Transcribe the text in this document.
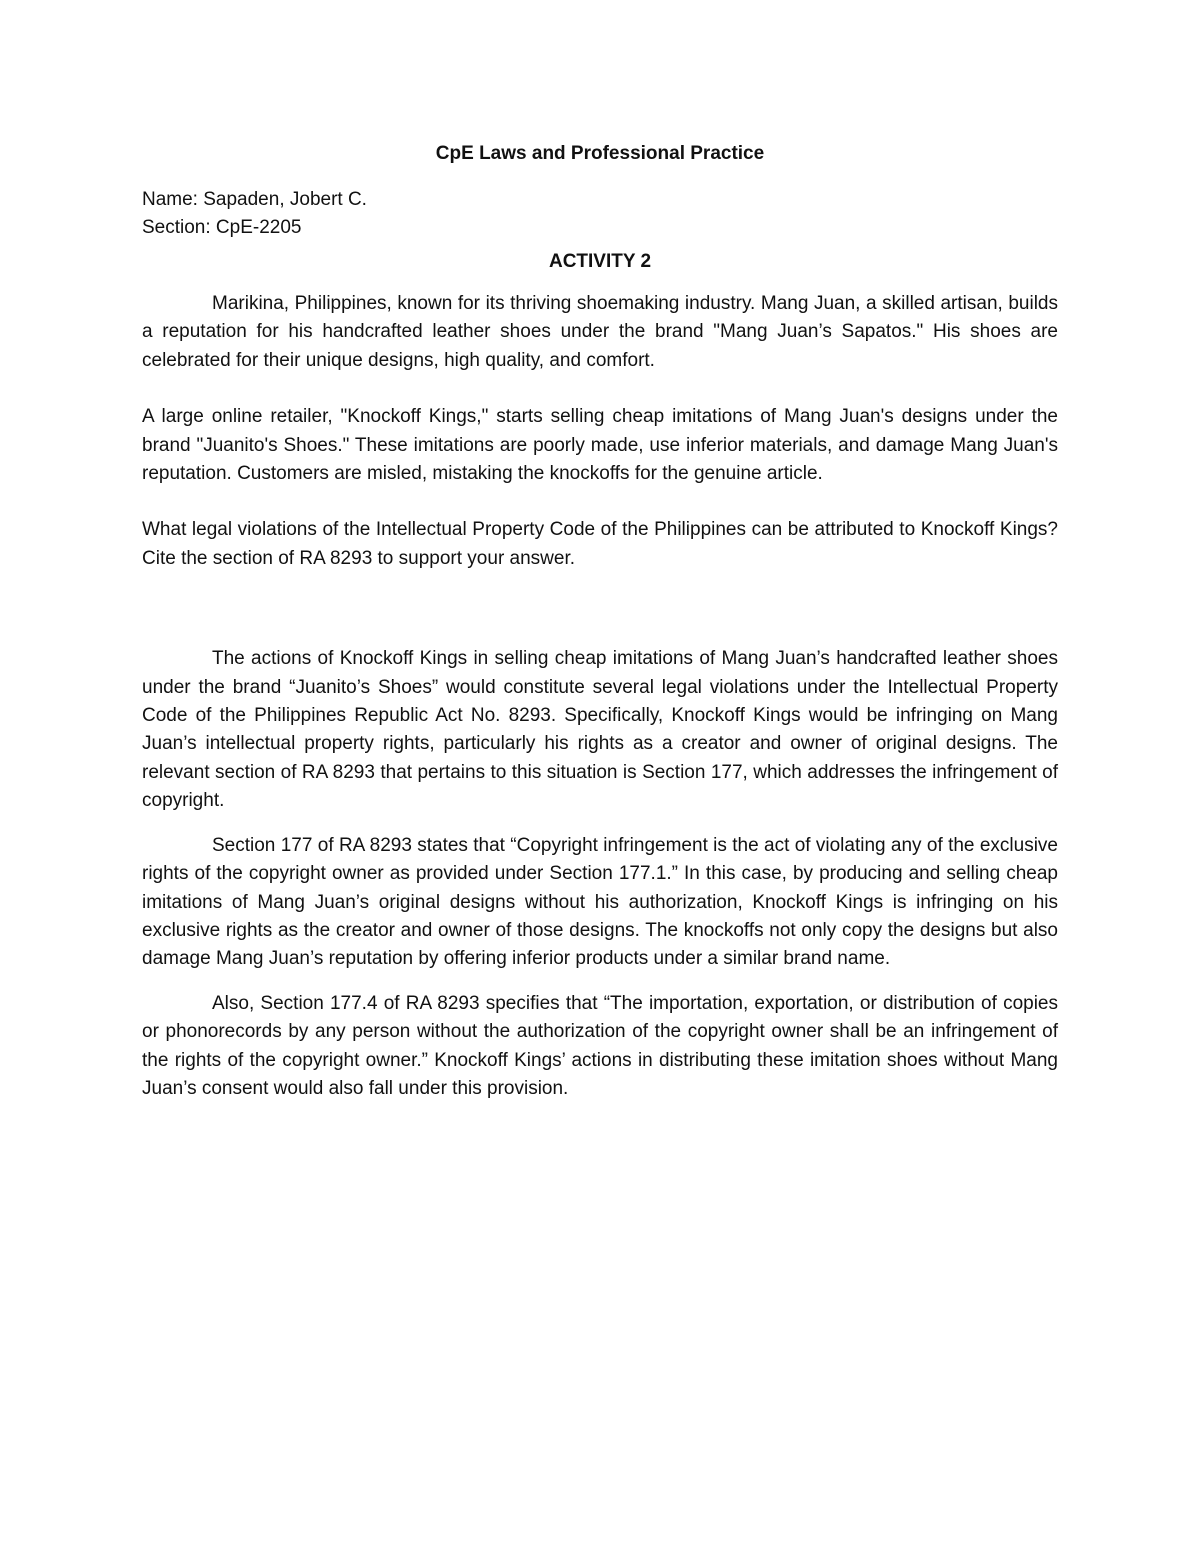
CpE Laws and Professional Practice

Name: Sapaden, Jobert C.

Section: CpE-2205

ACTIVITY 2

Marikina, Philippines, known for its thriving shoemaking industry. Mang Juan, a skilled artisan, builds a reputation for his handcrafted leather shoes under the brand "Mang Juan’s Sapatos." His shoes are celebrated for their unique designs, high quality, and comfort.

A large online retailer, "Knockoff Kings," starts selling cheap imitations of Mang Juan's designs under the brand "Juanito's Shoes." These imitations are poorly made, use inferior materials, and damage Mang Juan's reputation. Customers are misled, mistaking the knockoffs for the genuine article.

What legal violations of the Intellectual Property Code of the Philippines can be attributed to Knockoff Kings? Cite the section of RA 8293 to support your answer.

The actions of Knockoff Kings in selling cheap imitations of Mang Juan’s handcrafted leather shoes under the brand “Juanito’s Shoes” would constitute several legal violations under the Intellectual Property Code of the Philippines Republic Act No. 8293. Specifically, Knockoff Kings would be infringing on Mang Juan’s intellectual property rights, particularly his rights as a creator and owner of original designs. The relevant section of RA 8293 that pertains to this situation is Section 177, which addresses the infringement of copyright.

Section 177 of RA 8293 states that “Copyright infringement is the act of violating any of the exclusive rights of the copyright owner as provided under Section 177.1.” In this case, by producing and selling cheap imitations of Mang Juan’s original designs without his authorization, Knockoff Kings is infringing on his exclusive rights as the creator and owner of those designs. The knockoffs not only copy the designs but also damage Mang Juan’s reputation by offering inferior products under a similar brand name.

Also, Section 177.4 of RA 8293 specifies that “The importation, exportation, or distribution of copies or phonorecords by any person without the authorization of the copyright owner shall be an infringement of the rights of the copyright owner.” Knockoff Kings’ actions in distributing these imitation shoes without Mang Juan’s consent would also fall under this provision.
